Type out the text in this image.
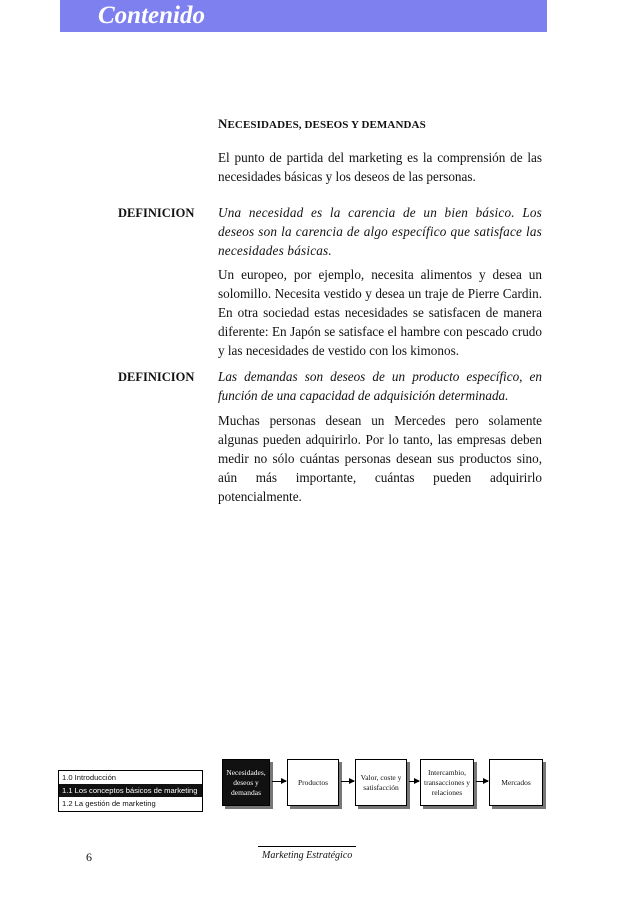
Contenido
NECESIDADES, DESEOS Y DEMANDAS
El punto de partida del marketing es la comprensión de las necesidades básicas y los deseos de las personas.
DEFINICION Una necesidad es la carencia de un bien básico. Los deseos son la carencia de algo específico que satisface las necesidades básicas.
Un europeo, por ejemplo, necesita alimentos y desea un solomillo. Necesita vestido y desea un traje de Pierre Cardin. En otra sociedad estas necesidades se satisfacen de manera diferente: En Japón se satisface el hambre con pescado crudo y las necesidades de vestido con los kimonos.
DEFINICION Las demandas son deseos de un producto específico, en función de una capacidad de adquisición determinada.
Muchas personas desean un Mercedes pero solamente algunas pueden adquirirlo. Por lo tanto, las empresas deben medir no sólo cuántas personas desean sus productos sino, aún más importante, cuántas pueden adquirirlo potencialmente.
1.0 Introducción
1.1 Los conceptos básicos de marketing
1.2 La gestión de marketing
Necesidades, deseos y demandas
Productos
Valor, coste y satisfacción
Intercambio, transacciones y relaciones
Mercados
6	Marketing Estratégico
